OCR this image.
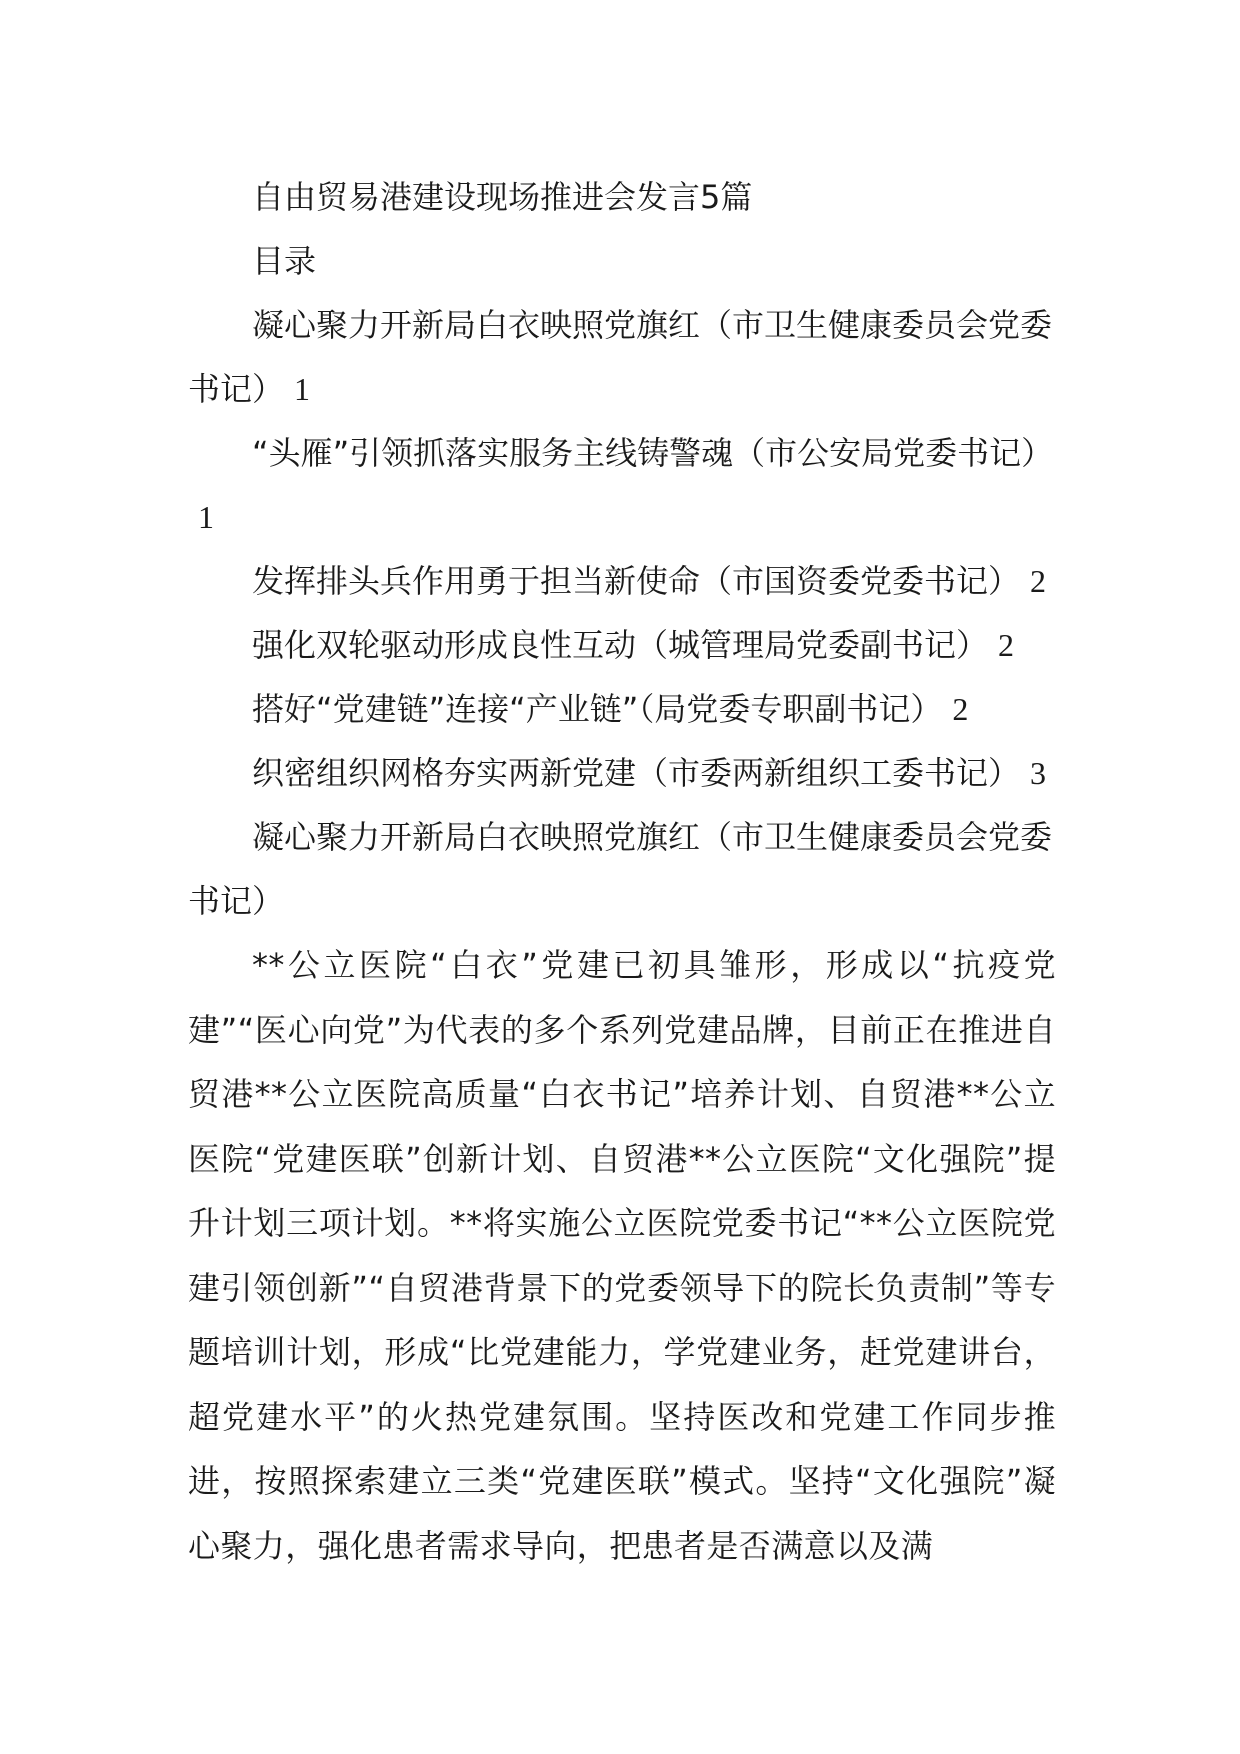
自由贸易港建设现场推进会发言5篇

目录

凝心聚力开新局白衣映照党旗红（市卫生健康委员会党委书记） 1

“头雁”引领抓落实服务主线铸警魂（市公安局党委书记）1

发挥排头兵作用勇于担当新使命（市国资委党委书记） 2

强化双轮驱动形成良性互动（城管理局党委副书记） 2

搭好“党建链”连接“产业链”（局党委专职副书记） 2

织密组织网格夯实两新党建（市委两新组织工委书记） 3

凝心聚力开新局白衣映照党旗红（市卫生健康委员会党委书记）

**公立医院“白衣”党建已初具雏形，形成以“抗疫党建”“医心向党”为代表的多个系列党建品牌，目前正在推进自贸港**公立医院高质量“白衣书记”培养计划、自贸港**公立医院“党建医联”创新计划、自贸港**公立医院“文化强院”提升计划三项计划。**将实施公立医院党委书记“**公立医院党建引领创新”“自贸港背景下的党委领导下的院长负责制”等专题培训计划，形成“比党建能力，学党建业务，赶党建讲台，超党建水平”的火热党建氛围。坚持医改和党建工作同步推进，按照探索建立三类“党建医联”模式。坚持“文化强院”凝心聚力，强化患者需求导向，把患者是否满意以及满
